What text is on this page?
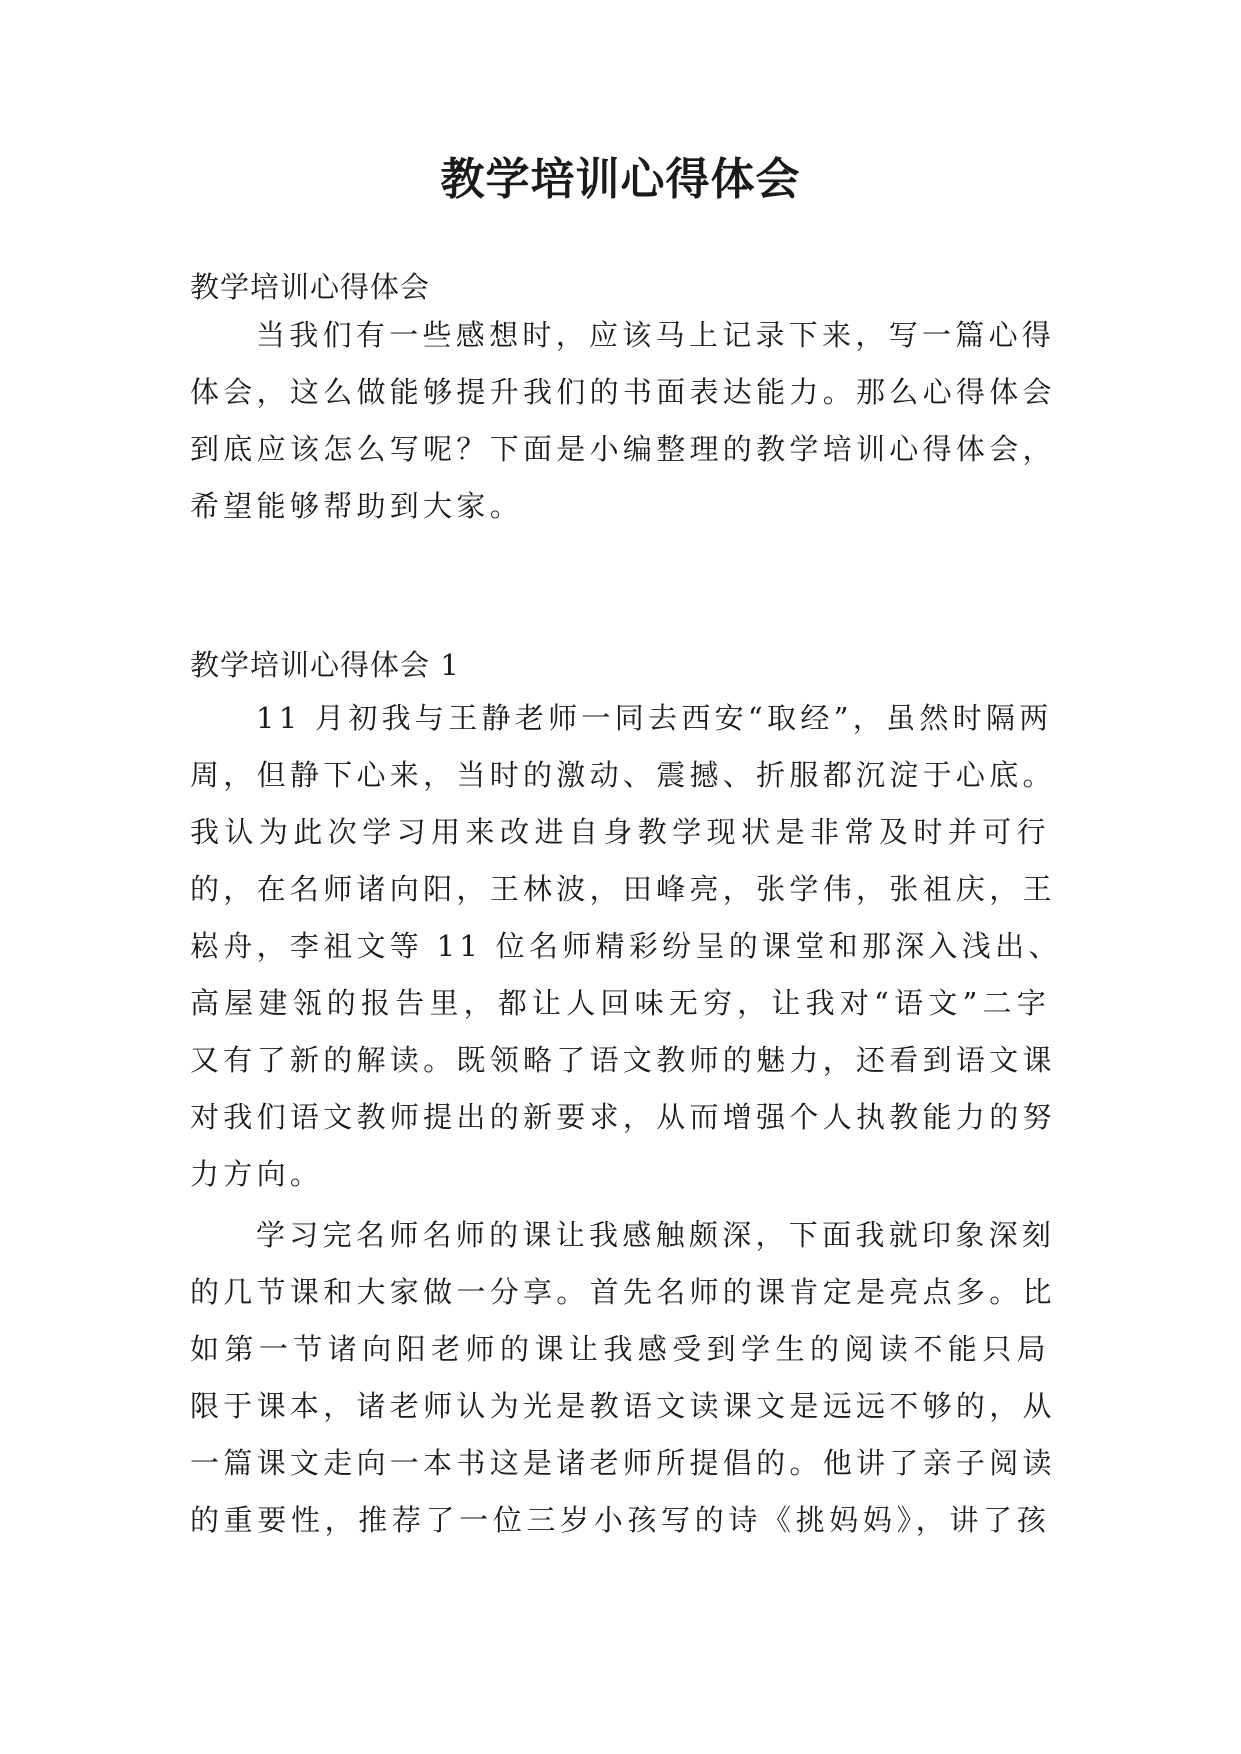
教学培训心得体会
教学培训心得体会

当我们有一些感想时，应该马上记录下来，写一篇心得
体会，这么做能够提升我们的书面表达能力。那么心得体会
到底应该怎么写呢？下面是小编整理的教学培训心得体会，
希望能够帮助到大家。

教学培训心得体会 1

11 月初我与王静老师一同去西安“取经”，虽然时隔两
周，但静下心来，当时的激动、震撼、折服都沉淀于心底。
我认为此次学习用来改进自身教学现状是非常及时并可行
的，在名师诸向阳，王林波，田峰亮，张学伟，张祖庆，王
崧舟，李祖文等 11 位名师精彩纷呈的课堂和那深入浅出、
高屋建瓴的报告里，都让人回味无穷，让我对“语文”二字
又有了新的解读。既领略了语文教师的魅力，还看到语文课
对我们语文教师提出的新要求，从而增强个人执教能力的努
力方向。

学习完名师名师的课让我感触颇深，下面我就印象深刻
的几节课和大家做一分享。首先名师的课肯定是亮点多。比
如第一节诸向阳老师的课让我感受到学生的阅读不能只局
限于课本，诸老师认为光是教语文读课文是远远不够的，从
一篇课文走向一本书这是诸老师所提倡的。他讲了亲子阅读
的重要性，推荐了一位三岁小孩写的诗《挑妈妈》，讲了孩
